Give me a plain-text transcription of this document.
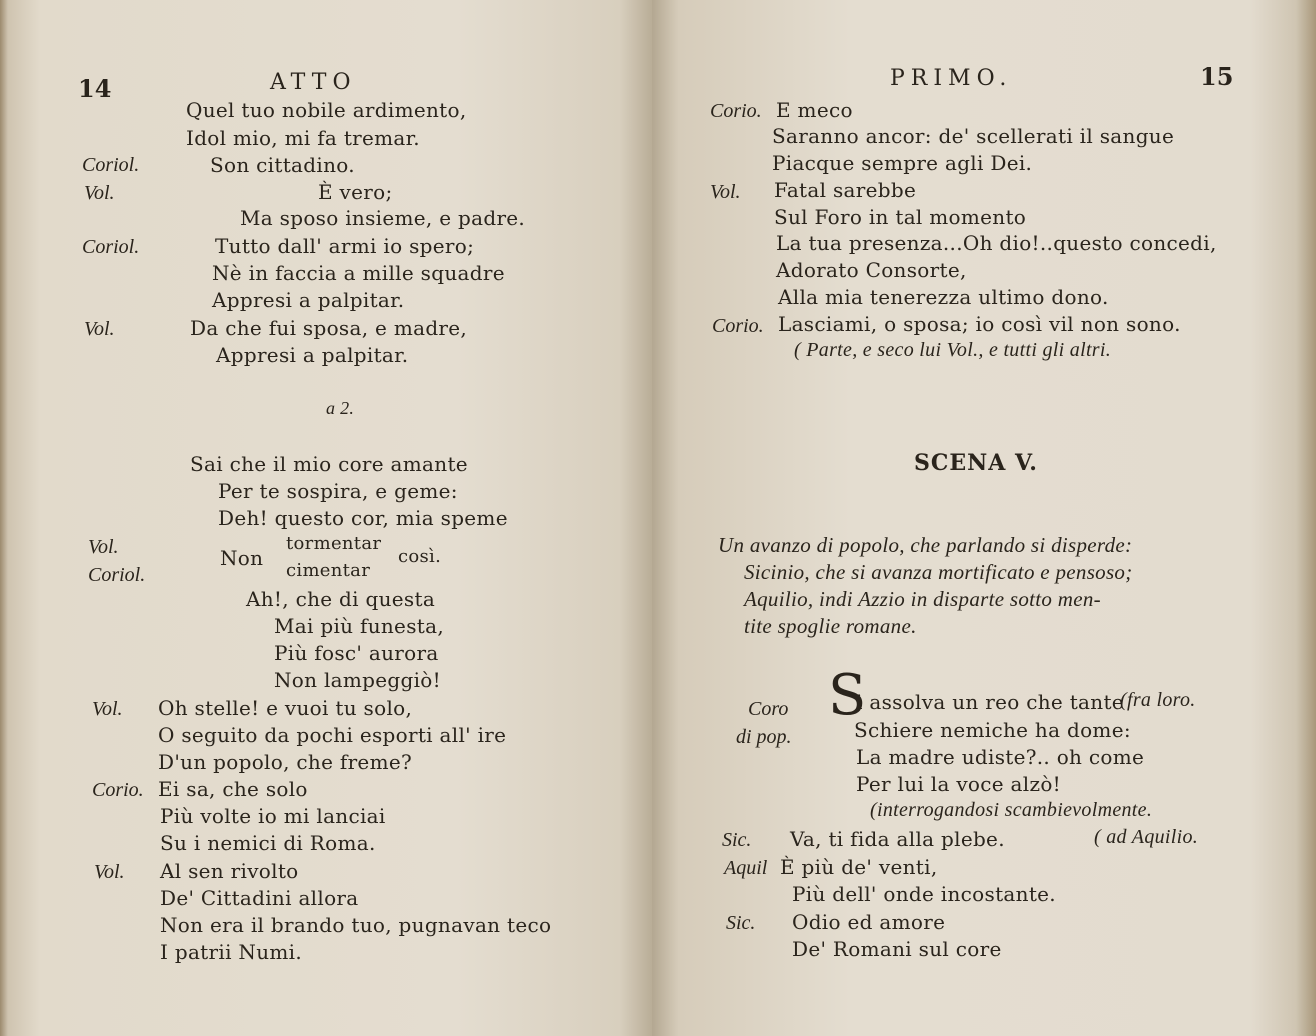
14	ATTO
Quel tuo nobile ardimento,
Idol mio, mi fa tremar.
Coriol.	Son cittadino.
Vol.	È vero;
Ma sposo insieme, e padre.
Coriol.	Tutto dall' armi io spero;
Nè in faccia a mille squadre
Appresi a palpitar.
Vol.	Da che fui sposa, e madre,
Appresi a palpitar.
a 2.
Sai che il mio core amante
Per te sospira, e geme:
Deh! questo cor, mia speme
Vol.
Coriol.
Non
tormentar
cimentar
così.
Ah!, che di questa
Mai più funesta,
Più fosc' aurora
Non lampeggiò!
Vol. Oh stelle! e vuoi tu solo,
O seguito da pochi esporti all' ire
D'un popolo, che freme?
Corio. Ei sa, che solo
Più volte io mi lanciai
Su i nemici di Roma.
Vol. Al sen rivolto
De' Cittadini allora
Non era il brando tuo, pugnavan teco
I patrii Numi.
PRIMO.	15
Corio. E meco
Saranno ancor: de' scellerati il sangue
Piacque sempre agli Dei.
Vol. Fatal sarebbe
Sul Foro in tal momento
La tua presenza...Oh dio!..questo concedi,
Adorato Consorte,
Alla mia tenerezza ultimo dono.
Corio. Lasciami, o sposa; io così vil non sono.
( Parte, e seco lui Vol., e tutti gli altri.
SCENA V.
Un avanzo di popolo, che parlando si disperde:
Sicinio, che si avanza mortificato e pensoso;
Aquilio, indi Azzio in disparte sotto men-
tite spoglie romane.
Coro
di pop.
S
i assolva un reo che tante
(fra loro.
Schiere nemiche ha dome:
La madre udiste?.. oh come
Per lui la voce alzò!
(interrogandosi scambievolmente.
Sic. Va, ti fida alla plebe.	( ad Aquilio.
Aquil È più de' venti,
Più dell' onde incostante.
Sic. Odio ed amore
De' Romani sul core
